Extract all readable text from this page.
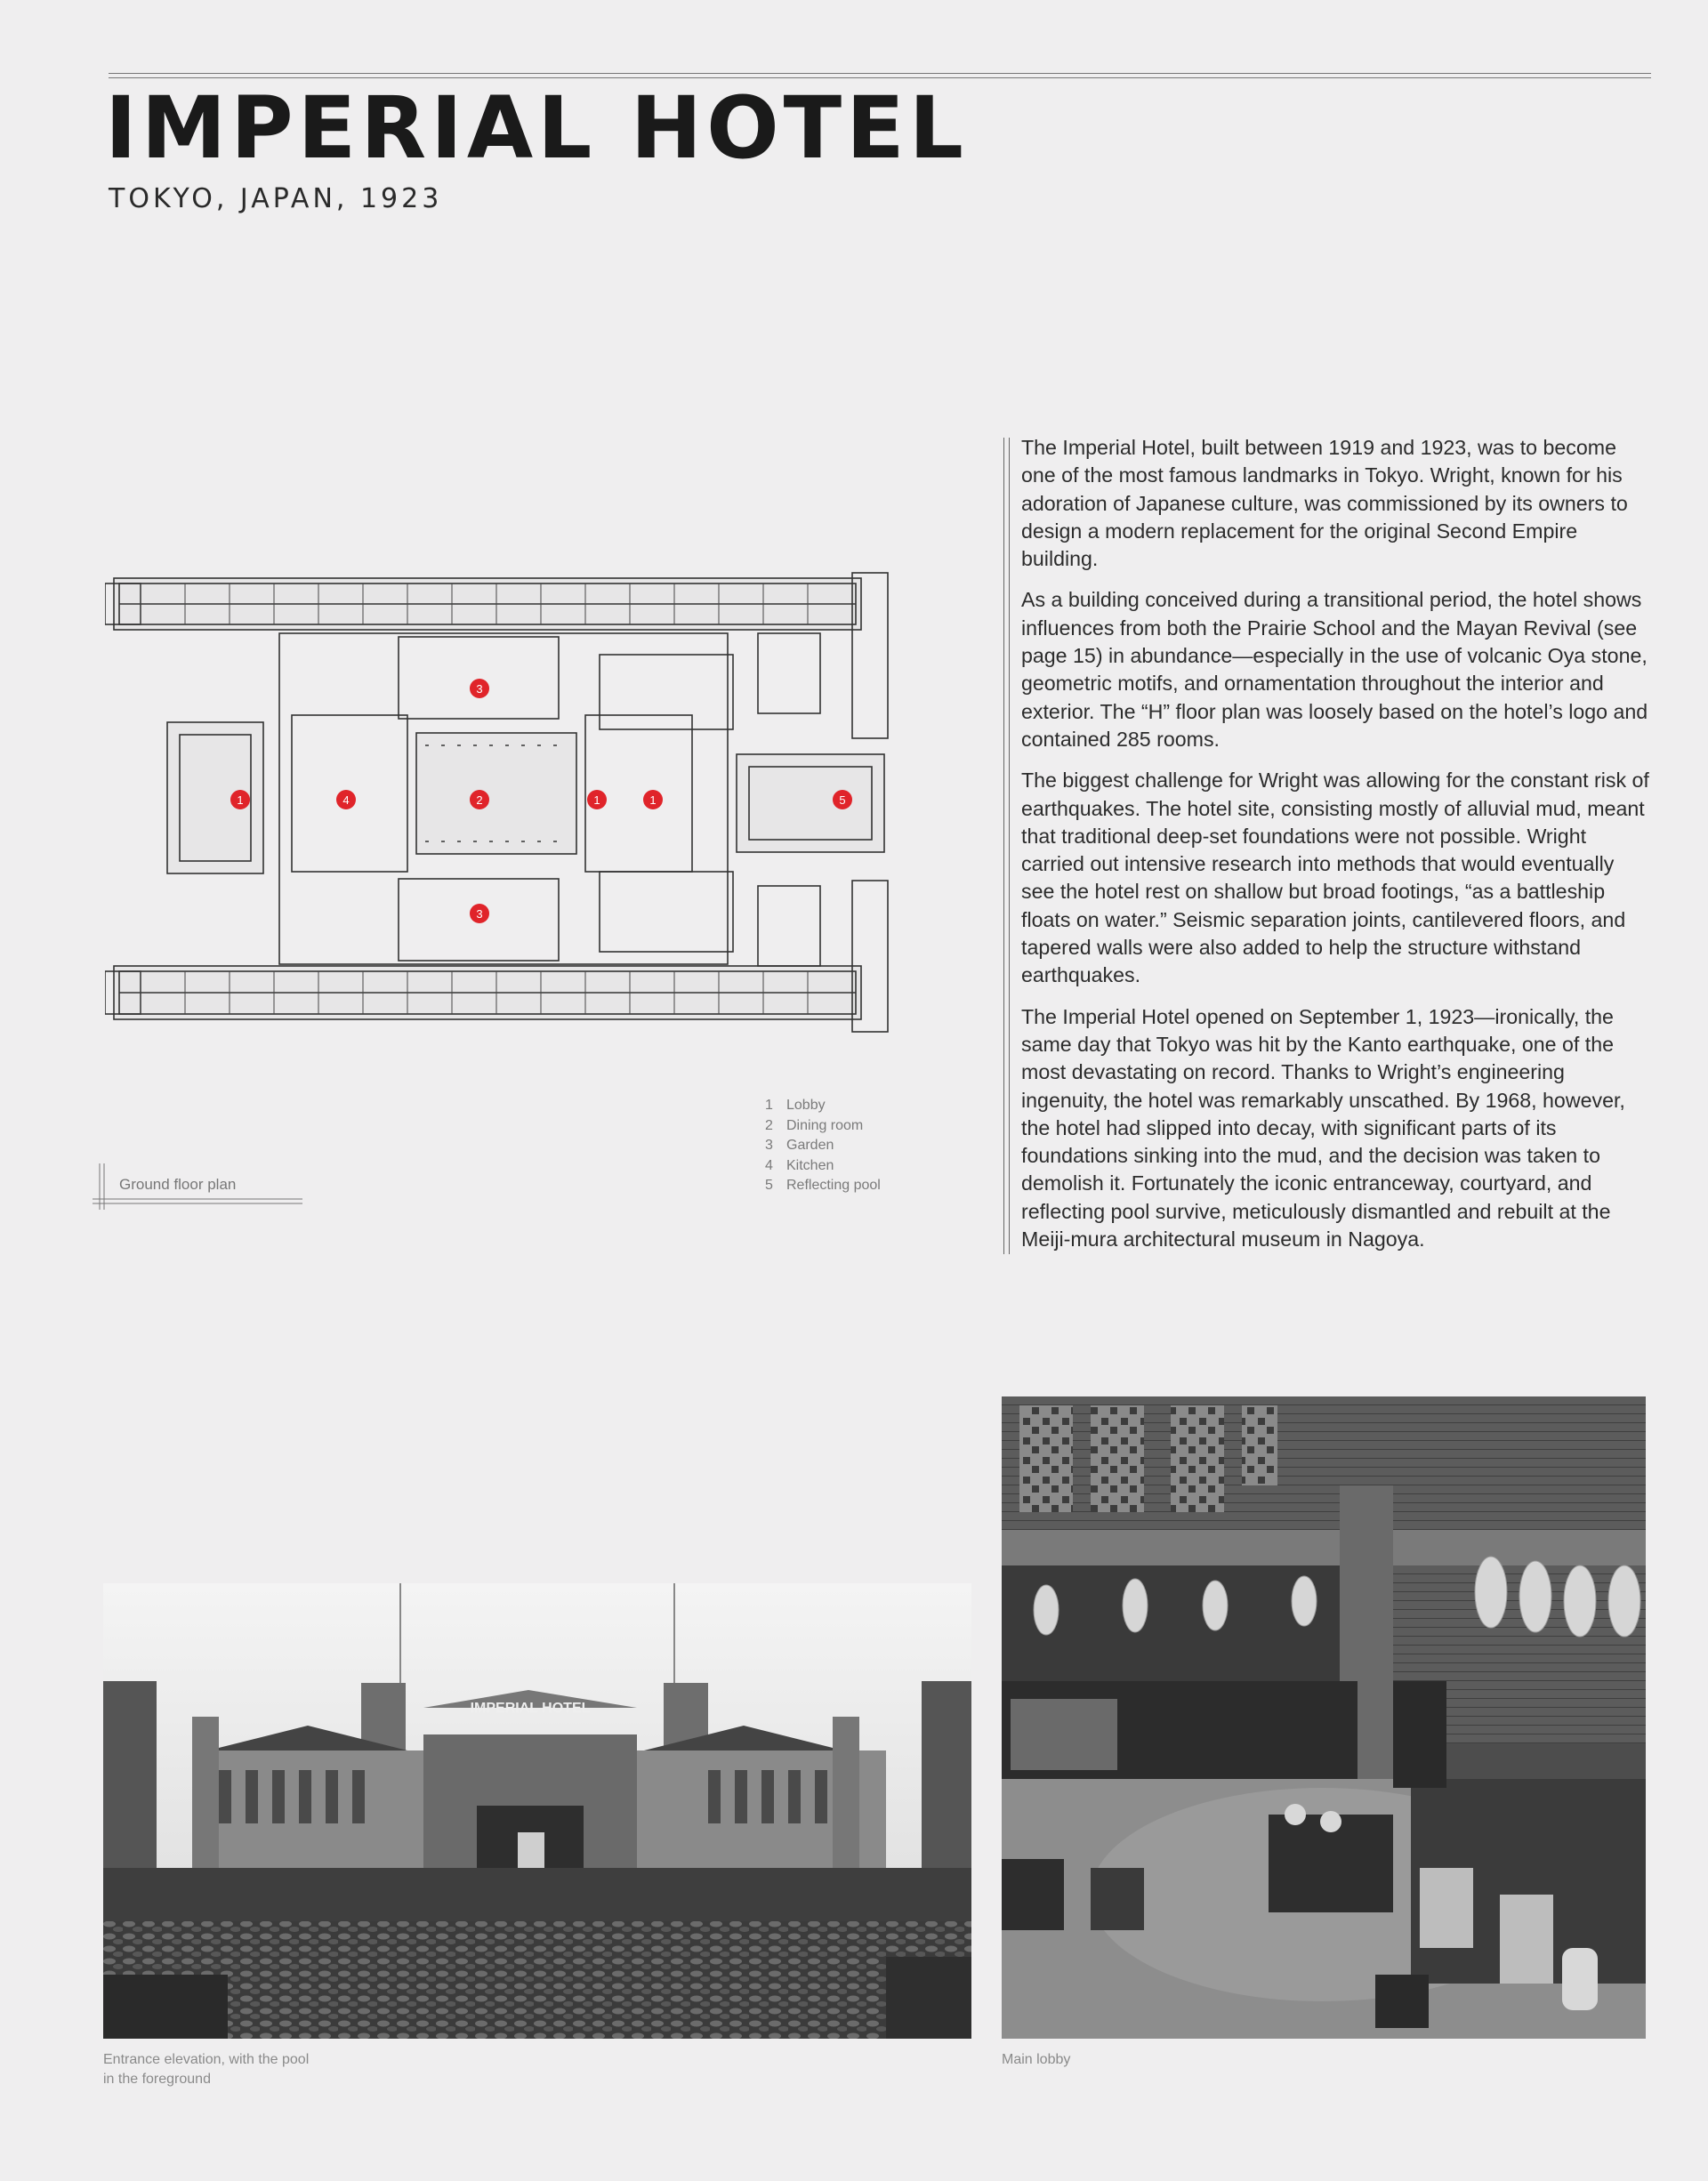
IMPERIAL HOTEL
TOKYO, JAPAN, 1923
1	4	2	1	1	5
3
3
Ground floor plan
1 Lobby
2 Dining room
3 Garden
4 Kitchen
5 Reflecting pool

The Imperial Hotel, built between 1919 and 1923, was to become one of the most famous landmarks in Tokyo. Wright, known for his adoration of Japanese culture, was commissioned by its owners to design a modern replacement for the original Second Empire building.

As a building conceived during a transitional period, the hotel shows influences from both the Prairie School and the Mayan Revival (see page 15) in abundance—especially in the use of volcanic Oya stone, geometric motifs, and ornamentation throughout the interior and exterior. The “H” floor plan was loosely based on the hotel’s logo and contained 285 rooms.

The biggest challenge for Wright was allowing for the constant risk of earthquakes. The hotel site, consisting mostly of alluvial mud, meant that traditional deep-set foundations were not possible. Wright carried out intensive research into methods that would eventually see the hotel rest on shallow but broad footings, “as a battleship floats on water.” Seismic separation joints, cantilevered floors, and tapered walls were also added to help the structure withstand earthquakes.

The Imperial Hotel opened on September 1, 1923—ironically, the same day that Tokyo was hit by the Kanto earthquake, one of the most devastating on record. Thanks to Wright’s engineering ingenuity, the hotel was remarkably unscathed. By 1968, however, the hotel had slipped into decay, with significant parts of its foundations sinking into the mud, and the decision was taken to demolish it. Fortunately the iconic entranceway, courtyard, and reflecting pool survive, meticulously dismantled and rebuilt at the Meiji-mura architectural museum in Nagoya.

IMPERIAL HOTEL
Entrance elevation, with the pool
in the foreground
Main lobby
